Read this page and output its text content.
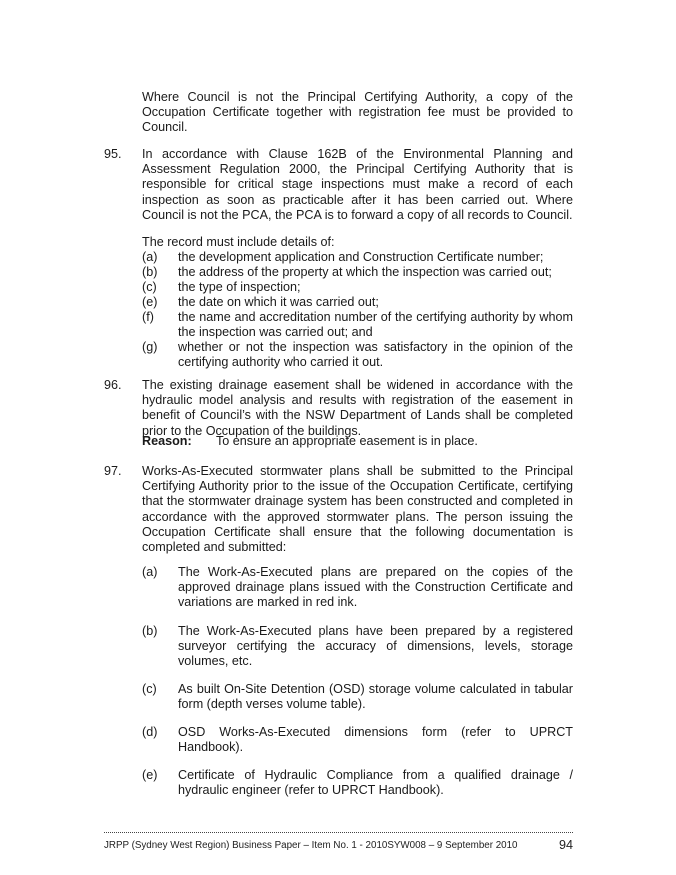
Where Council is not the Principal Certifying Authority, a copy of the Occupation Certificate together with registration fee must be provided to Council.

95. In accordance with Clause 162B of the Environmental Planning and Assessment Regulation 2000, the Principal Certifying Authority that is responsible for critical stage inspections must make a record of each inspection as soon as practicable after it has been carried out. Where Council is not the PCA, the PCA is to forward a copy of all records to Council.

The record must include details of:

(a) the development application and Construction Certificate number;
(b) the address of the property at which the inspection was carried out;
(c) the type of inspection;
(e) the date on which it was carried out;
(f) the name and accreditation number of the certifying authority by whom the inspection was carried out; and
(g) whether or not the inspection was satisfactory in the opinion of the certifying authority who carried it out.
96. The existing drainage easement shall be widened in accordance with the hydraulic model analysis and results with registration of the easement in benefit of Council’s with the NSW Department of Lands shall be completed prior to the Occupation of the buildings.

Reason: To ensure an appropriate easement is in place.
97. Works-As-Executed stormwater plans shall be submitted to the Principal Certifying Authority prior to the issue of the Occupation Certificate, certifying that the stormwater drainage system has been constructed and completed in accordance with the approved stormwater plans. The person issuing the Occupation Certificate shall ensure that the following documentation is completed and submitted:

(a) The Work-As-Executed plans are prepared on the copies of the approved drainage plans issued with the Construction Certificate and variations are marked in red ink.
(b) The Work-As-Executed plans have been prepared by a registered surveyor certifying the accuracy of dimensions, levels, storage volumes, etc.
(c) As built On-Site Detention (OSD) storage volume calculated in tabular form (depth verses volume table).
(d) OSD Works-As-Executed dimensions form (refer to UPRCT Handbook).
(e) Certificate of Hydraulic Compliance from a qualified drainage / hydraulic engineer (refer to UPRCT Handbook).
JRPP (Sydney West Region) Business Paper – Item No. 1 - 2010SYW008 – 9 September 2010	94
